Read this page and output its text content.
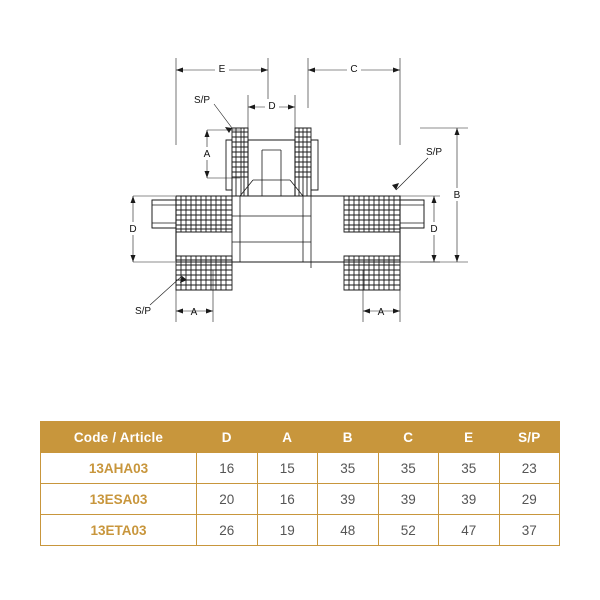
E	C
D
S/P
S/P
S/P
A
B
D	D
A	A
Code / Article	D	A	B	C	E	S/P
13AHA03	16	15	35	35	35	23
13ESA03	20	16	39	39	39	29
13ETA03	26	19	48	52	47	37
